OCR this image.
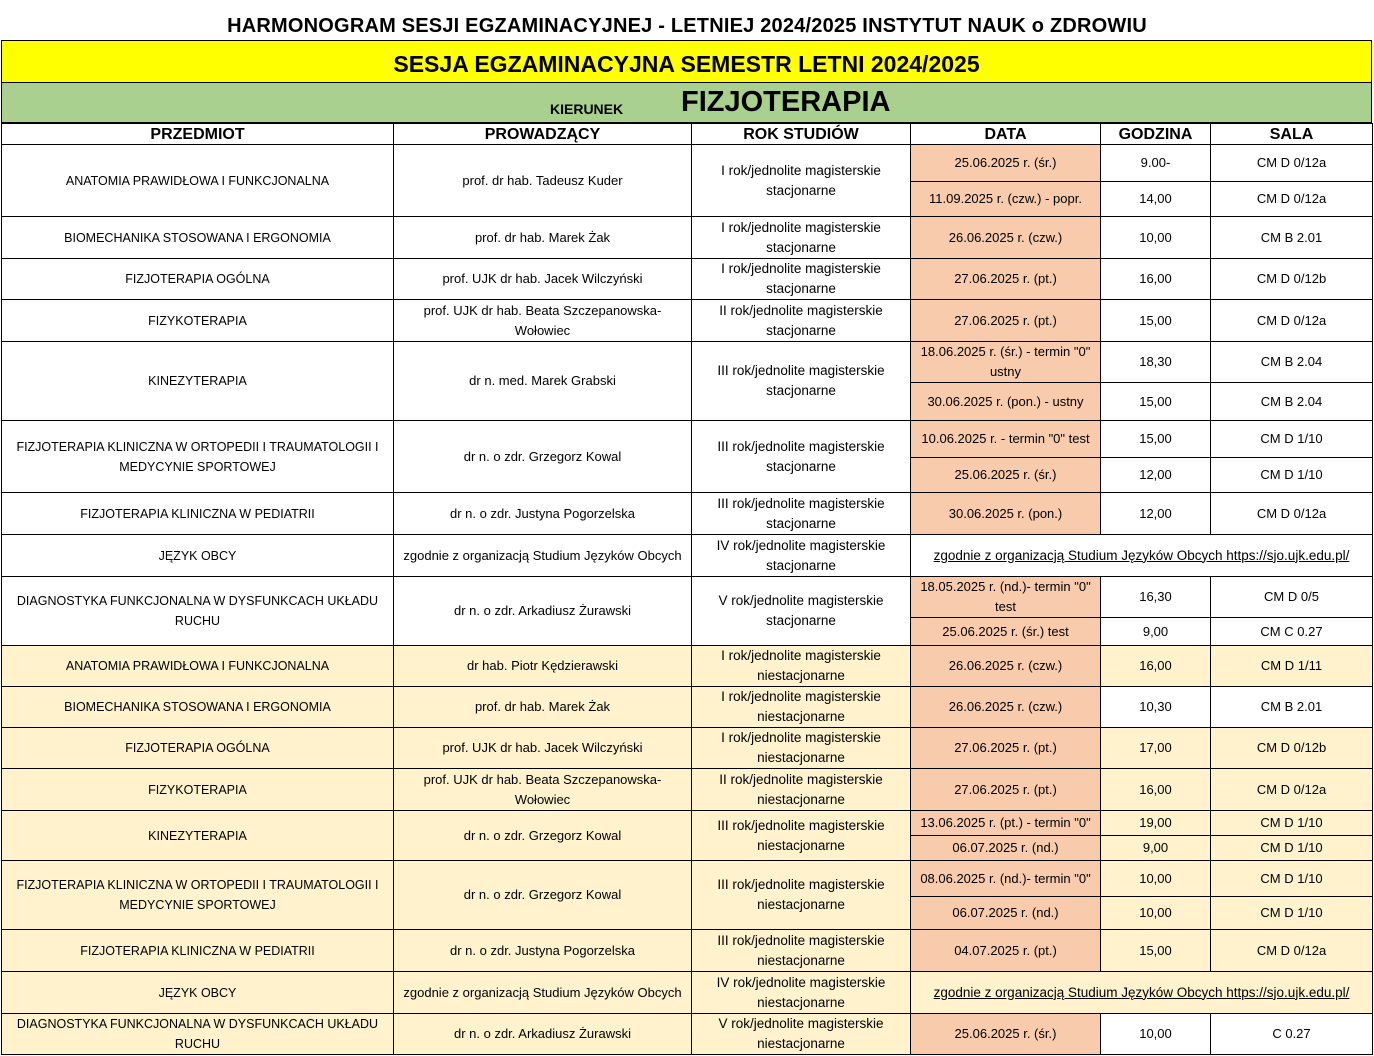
HARMONOGRAM SESJI EGZAMINACYJNEJ - LETNIEJ 2024/2025 INSTYTUT NAUK o ZDROWIU
SESJA EGZAMINACYJNA SEMESTR LETNI 2024/2025
KIERUNEK FIZJOTERAPIA
PRZEDMIOT	PROWADZĄCY	ROK STUDIÓW	DATA	GODZINA	SALA
ANATOMIA PRAWIDŁOWA I FUNKCJONALNA	prof. dr hab. Tadeusz Kuder	I rok/jednolite magisterskie stacjonarne	25.06.2025 r. (śr.)	9.00-	CM D 0/12a
			11.09.2025 r. (czw.) - popr.	14,00	CM D 0/12a
BIOMECHANIKA STOSOWANA I ERGONOMIA	prof. dr hab. Marek Żak	I rok/jednolite magisterskie stacjonarne	26.06.2025 r. (czw.)	10,00	CM B 2.01
FIZJOTERAPIA OGÓLNA	prof. UJK dr hab. Jacek Wilczyński	I rok/jednolite magisterskie stacjonarne	27.06.2025 r. (pt.)	16,00	CM D 0/12b
FIZYKOTERAPIA	prof. UJK dr hab. Beata Szczepanowska-Wołowiec	II rok/jednolite magisterskie stacjonarne	27.06.2025 r. (pt.)	15,00	CM D 0/12a
KINEZYTERAPIA	dr n. med. Marek Grabski	III rok/jednolite magisterskie stacjonarne	18.06.2025 r. (śr.) - termin "0" ustny	18,30	CM B 2.04
			30.06.2025 r. (pon.) - ustny	15,00	CM B 2.04
FIZJOTERAPIA KLINICZNA W ORTOPEDII I TRAUMATOLOGII I MEDYCYNIE SPORTOWEJ	dr n. o zdr. Grzegorz Kowal	III rok/jednolite magisterskie stacjonarne	10.06.2025 r. - termin "0" test	15,00	CM D 1/10
			25.06.2025 r. (śr.)	12,00	CM D 1/10
FIZJOTERAPIA KLINICZNA W PEDIATRII	dr n. o zdr. Justyna Pogorzelska	III rok/jednolite magisterskie stacjonarne	30.06.2025 r. (pon.)	12,00	CM D 0/12a
JĘZYK OBCY	zgodnie z organizacją Studium Języków Obcych	IV rok/jednolite magisterskie stacjonarne	zgodnie z organizacją Studium Języków Obcych https://sjo.ujk.edu.pl/		
DIAGNOSTYKA FUNKCJONALNA W DYSFUNKCACH UKŁADU RUCHU	dr n. o zdr. Arkadiusz Żurawski	V rok/jednolite magisterskie stacjonarne	18.05.2025 r. (nd.)- termin "0" test	16,30	CM D 0/5
			25.06.2025 r. (śr.) test	9,00	CM C 0.27
ANATOMIA PRAWIDŁOWA I FUNKCJONALNA	dr hab. Piotr Kędzierawski	I rok/jednolite magisterskie niestacjonarne	26.06.2025 r. (czw.)	16,00	CM D 1/11
BIOMECHANIKA STOSOWANA I ERGONOMIA	prof. dr hab. Marek Żak	I rok/jednolite magisterskie niestacjonarne	26.06.2025 r. (czw.)	10,30	CM B 2.01
FIZJOTERAPIA OGÓLNA	prof. UJK dr hab. Jacek Wilczyński	I rok/jednolite magisterskie niestacjonarne	27.06.2025 r. (pt.)	17,00	CM D 0/12b
FIZYKOTERAPIA	prof. UJK dr hab. Beata Szczepanowska-Wołowiec	II rok/jednolite magisterskie niestacjonarne	27.06.2025 r. (pt.)	16,00	CM D 0/12a
KINEZYTERAPIA	dr n. o zdr. Grzegorz Kowal	III rok/jednolite magisterskie niestacjonarne	13.06.2025 r. (pt.) - termin "0"	19,00	CM D 1/10
			06.07.2025 r. (nd.)	9,00	CM D 1/10
FIZJOTERAPIA KLINICZNA W ORTOPEDII I TRAUMATOLOGII I MEDYCYNIE SPORTOWEJ	dr n. o zdr. Grzegorz Kowal	III rok/jednolite magisterskie niestacjonarne	08.06.2025 r. (nd.)- termin "0"	10,00	CM D 1/10
			06.07.2025 r. (nd.)	10,00	CM D 1/10
FIZJOTERAPIA KLINICZNA W PEDIATRII	dr n. o zdr. Justyna Pogorzelska	III rok/jednolite magisterskie niestacjonarne	04.07.2025 r. (pt.)	15,00	CM D 0/12a
JĘZYK OBCY	zgodnie z organizacją Studium Języków Obcych	IV rok/jednolite magisterskie niestacjonarne	zgodnie z organizacją Studium Języków Obcych https://sjo.ujk.edu.pl/		
DIAGNOSTYKA FUNKCJONALNA W DYSFUNKCACH UKŁADU RUCHU	dr n. o zdr. Arkadiusz Żurawski	V rok/jednolite magisterskie niestacjonarne	25.06.2025 r. (śr.)	10,00	C 0.27
